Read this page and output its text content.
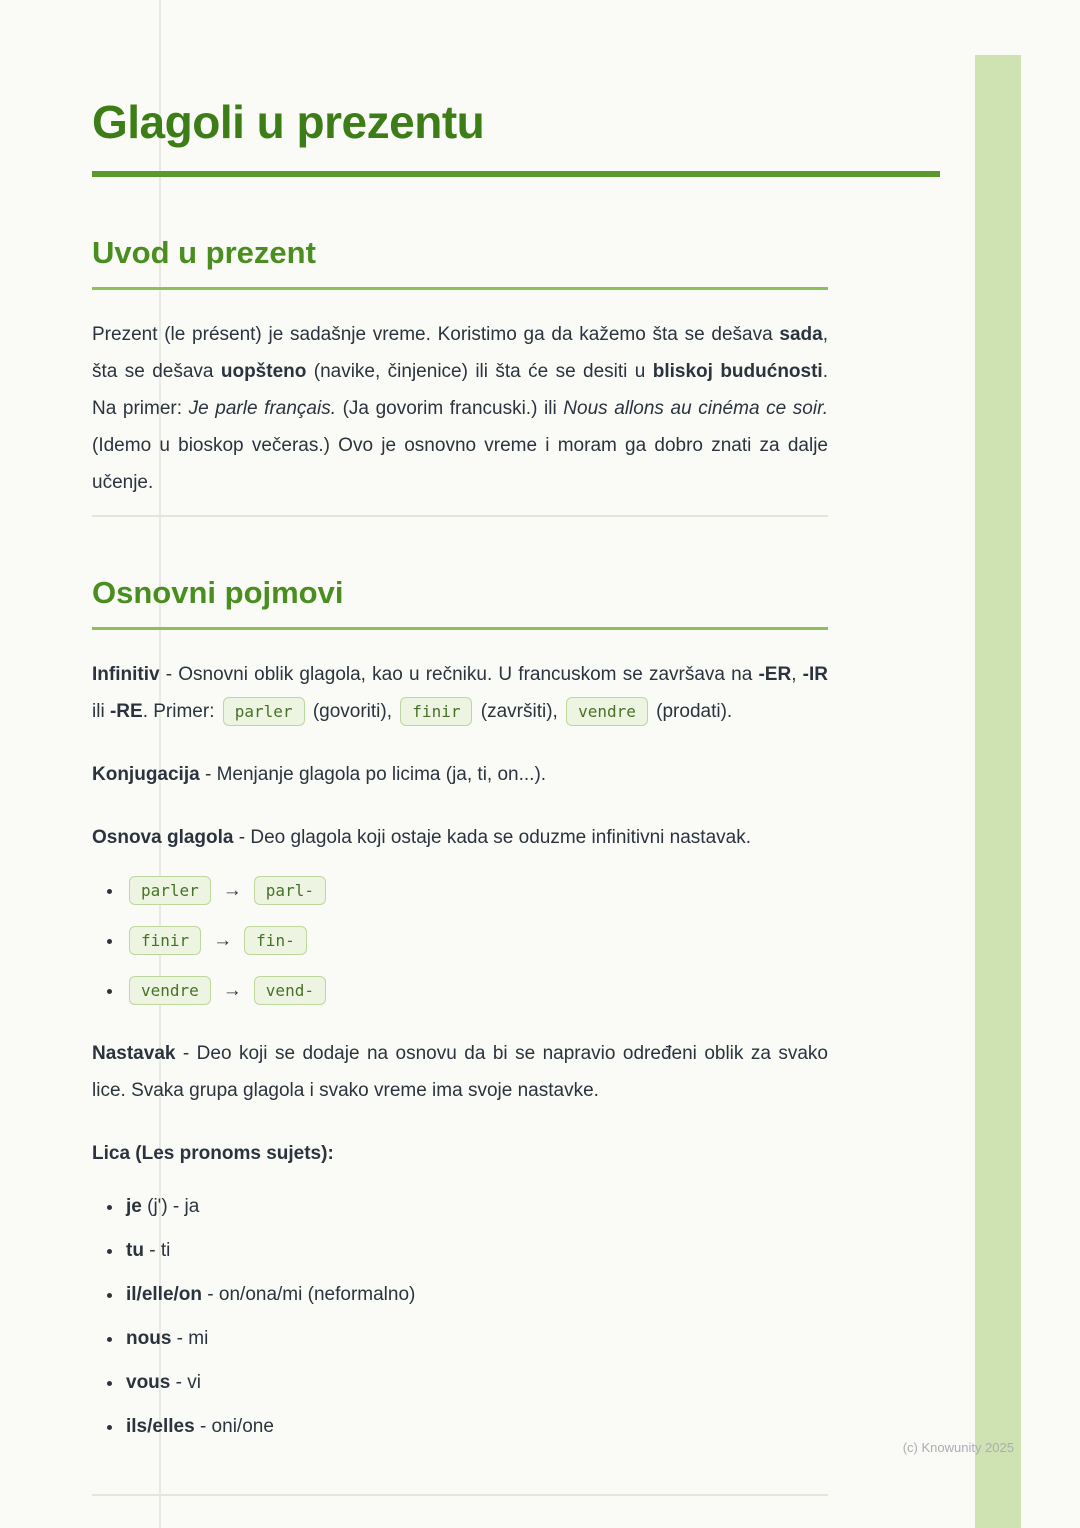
Glagoli u prezentu
Uvod u prezent

Prezent (le présent) je sadašnje vreme. Koristimo ga da kažemo šta se dešava sada, šta se dešava uopšteno (navike, činjenice) ili šta će se desiti u bliskoj budućnosti. Na primer: Je parle français. (Ja govorim francuski.) ili Nous allons au cinéma ce soir. (Idemo u bioskop večeras.) Ovo je osnovno vreme i moram ga dobro znati za dalje učenje.

Osnovni pojmovi

Infinitiv - Osnovni oblik glagola, kao u rečniku. U francuskom se završava na -ER, -IR ili -RE. Primer: parler (govoriti), finir (završiti), vendre (prodati).

Konjugacija - Menjanje glagola po licima (ja, ti, on...).

Osnova glagola - Deo glagola koji ostaje kada se oduzme infinitivni nastavak.

• parler → parl-
• finir → fin-
• vendre → vend-

Nastavak - Deo koji se dodaje na osnovu da bi se napravio određeni oblik za svako lice. Svaka grupa glagola i svako vreme ima svoje nastavke.

Lica (Les pronoms sujets):

• je (j') - ja
• tu - ti
• il/elle/on - on/ona/mi (neformalno)
• nous - mi
• vous - vi
• ils/elles - oni/one
(c) Knowunity 2025
